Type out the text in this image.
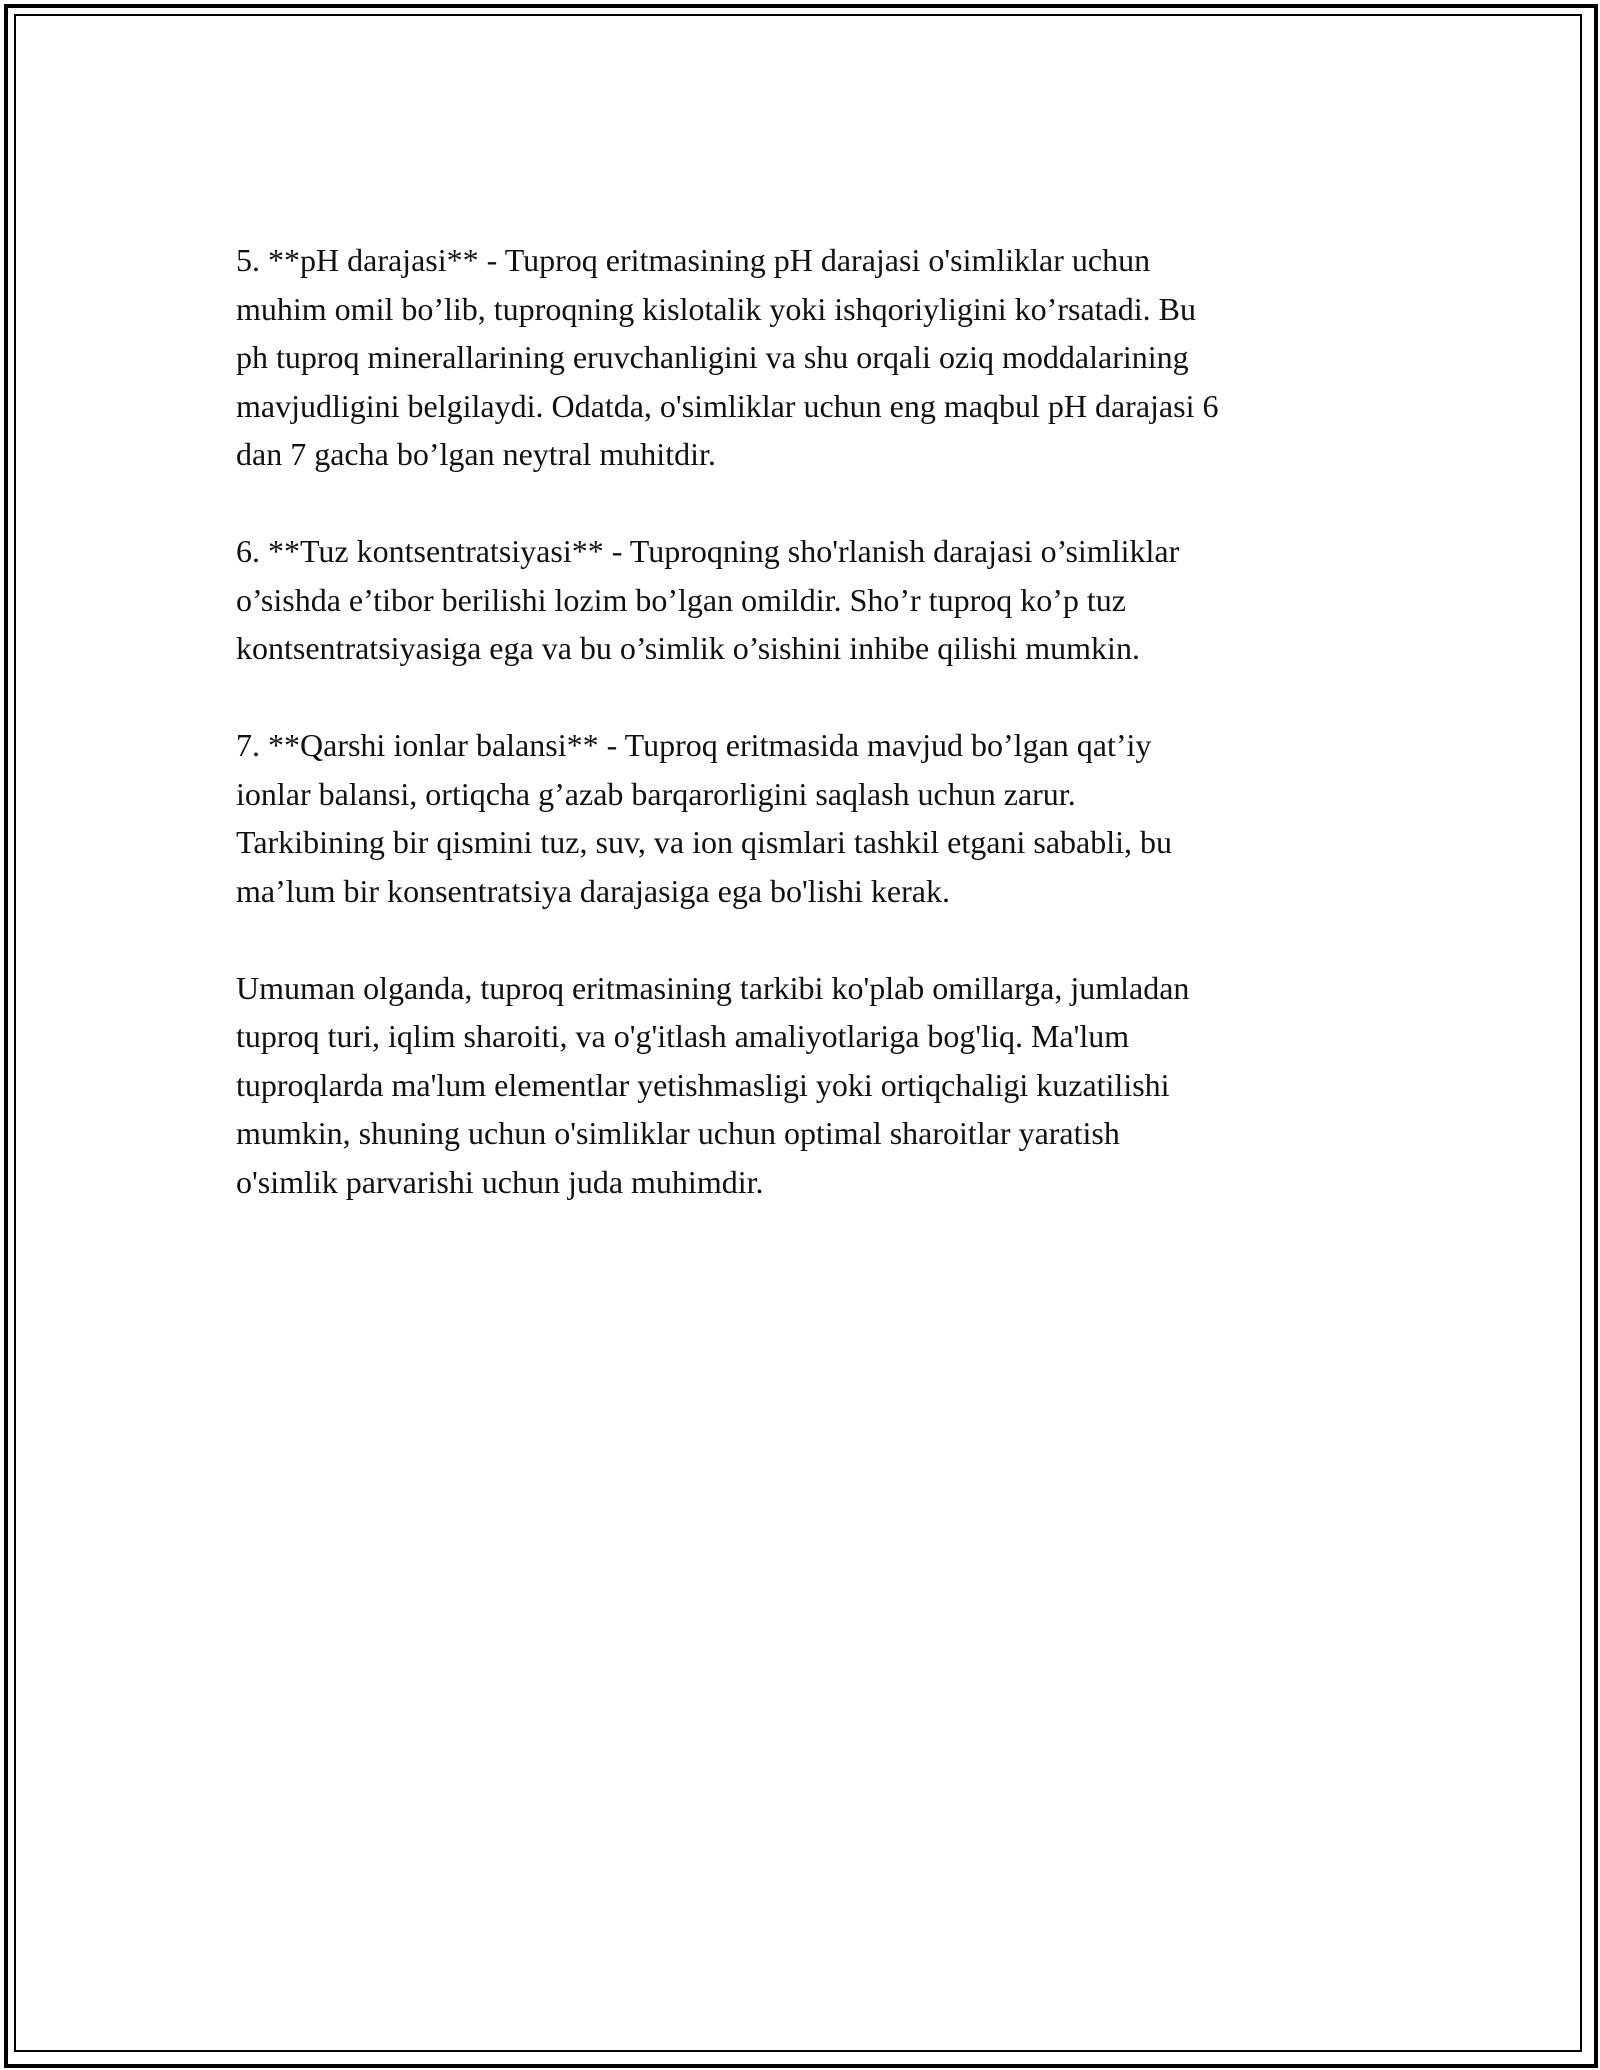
5. **pH darajasi** - Tuproq eritmasining pH darajasi o'simliklar uchun
muhim omil bo’lib, tuproqning kislotalik yoki ishqoriyligini ko’rsatadi. Bu
ph tuproq minerallarining eruvchanligini va shu orqali oziq moddalarining
mavjudligini belgilaydi. Odatda, o'simliklar uchun eng maqbul pH darajasi 6
dan 7 gacha bo’lgan neytral muhitdir.

6. **Tuz kontsentratsiyasi** - Tuproqning sho'rlanish darajasi o’simliklar
o’sishda e’tibor berilishi lozim bo’lgan omildir. Sho’r tuproq ko’p tuz
kontsentratsiyasiga ega va bu o’simlik o’sishini inhibe qilishi mumkin.

7. **Qarshi ionlar balansi** - Tuproq eritmasida mavjud bo’lgan qat’iy
ionlar balansi, ortiqcha g’azab barqarorligini saqlash uchun zarur.
Tarkibining bir qismini tuz, suv, va ion qismlari tashkil etgani sababli, bu
ma’lum bir konsentratsiya darajasiga ega bo'lishi kerak.

Umuman olganda, tuproq eritmasining tarkibi ko'plab omillarga, jumladan
tuproq turi, iqlim sharoiti, va o'g'itlash amaliyotlariga bog'liq. Ma'lum
tuproqlarda ma'lum elementlar yetishmasligi yoki ortiqchaligi kuzatilishi
mumkin, shuning uchun o'simliklar uchun optimal sharoitlar yaratish
o'simlik parvarishi uchun juda muhimdir.
